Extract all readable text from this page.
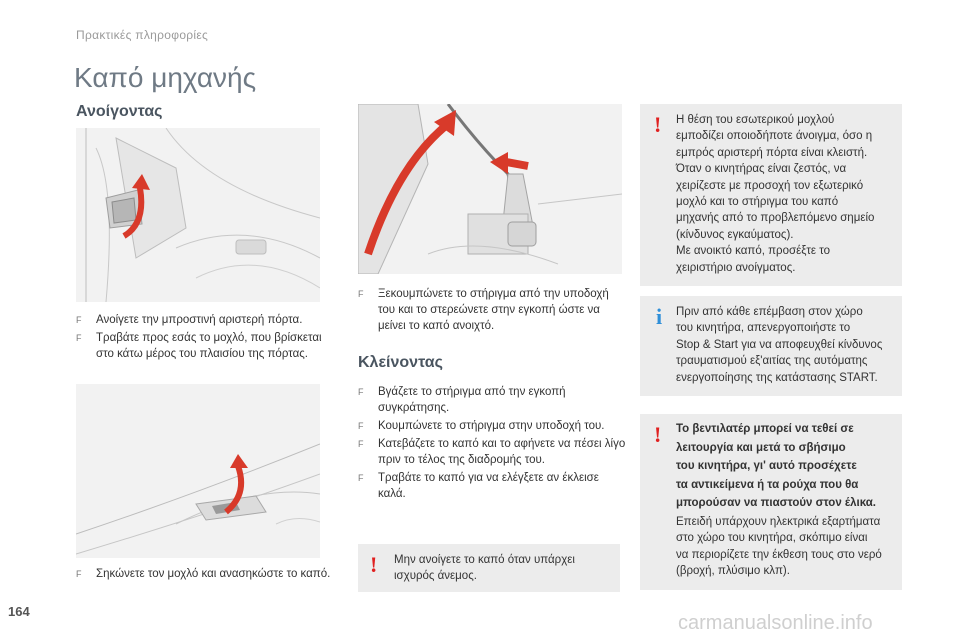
Πρακτικές πληροφορίες
Καπό μηχανής
Ανοίγοντας
F Ανοίγετε την μπροστινή αριστερή πόρτα.
F Τραβάτε προς εσάς το μοχλό, που βρίσκεται στο κάτω μέρος του πλαισίου της πόρτας.
F Σηκώνετε τον μοχλό και ανασηκώστε το καπό.
F Ξεκουμπώνετε το στήριγμα από την υποδοχή του και το στερεώνετε στην εγκοπή ώστε να μείνει το καπό ανοιχτό.
Κλείνοντας
F Βγάζετε το στήριγμα από την εγκοπή συγκράτησης.
F Κουμπώνετε το στήριγμα στην υποδοχή του.
F Κατεβάζετε το καπό και το αφήνετε να πέσει λίγο πριν το τέλος της διαδρομής του.
F Τραβάτε το καπό για να ελέγξετε αν έκλεισε καλά.
! Μην ανοίγετε το καπό όταν υπάρχει ισχυρός άνεμος.
! Η θέση του εσωτερικού μοχλού
εμποδίζει οποιοδήποτε άνοιγμα, όσο η
εμπρός αριστερή πόρτα είναι κλειστή.
Όταν ο κινητήρας είναι ζεστός, να
χειρίζεστε με προσοχή τον εξωτερικό
μοχλό και το στήριγμα του καπό
μηχανής από το προβλεπόμενο σημείο
(κίνδυνος εγκαύματος).
Με ανοικτό καπό, προσέξτε το
χειριστήριο ανοίγματος.
i Πριν από κάθε επέμβαση στον χώρο
του κινητήρα, απενεργοποιήστε το
Stop & Start για να αποφευχθεί κίνδυνος
τραυματισμού εξ'αιτίας της αυτόματης
ενεργοποίησης της κατάστασης START.
! Το βεντιλατέρ μπορεί να τεθεί σε
λειτουργία και μετά το σβήσιμο
του κινητήρα, γι' αυτό προσέχετε
τα αντικείμενα ή τα ρούχα που θα
μπορούσαν να πιαστούν στον έλικα.
Επειδή υπάρχουν ηλεκτρικά εξαρτήματα
στο χώρο του κινητήρα, σκόπιμο είναι
να περιορίζετε την έκθεση τους στο νερό
(βροχή, πλύσιμο κλπ).
164
carmanualsonline.info
